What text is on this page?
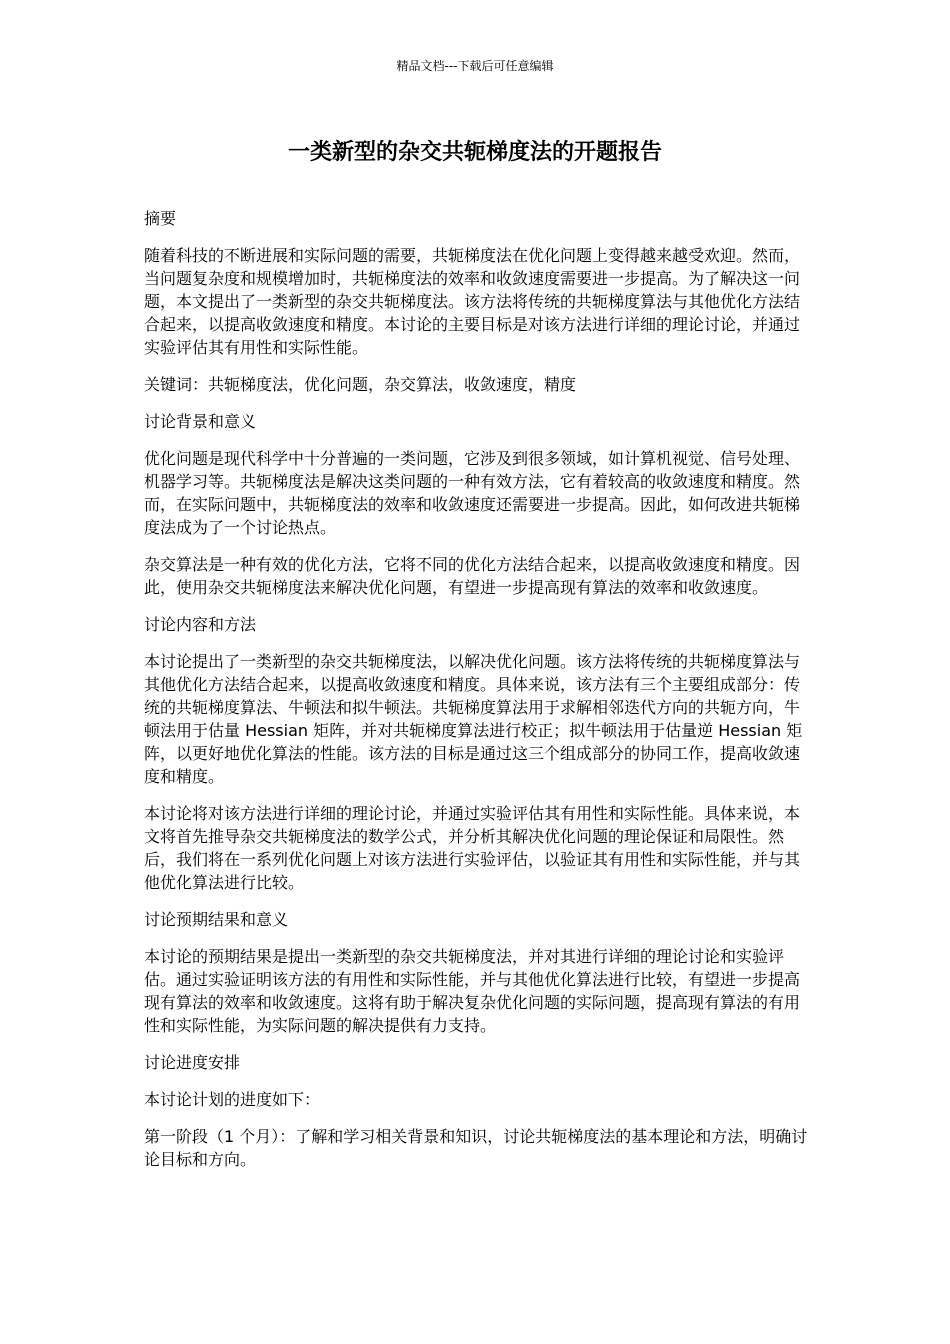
精品文档---下载后可任意编辑
一类新型的杂交共轭梯度法的开题报告

摘要

随着科技的不断进展和实际问题的需要，共轭梯度法在优化问题上变得越来越受欢迎。然而，当问题复杂度和规模增加时，共轭梯度法的效率和收敛速度需要进一步提高。为了解决这一问题，本文提出了一类新型的杂交共轭梯度法。该方法将传统的共轭梯度算法与其他优化方法结合起来，以提高收敛速度和精度。本讨论的主要目标是对该方法进行详细的理论讨论，并通过实验评估其有用性和实际性能。

关键词：共轭梯度法，优化问题，杂交算法，收敛速度，精度

讨论背景和意义

优化问题是现代科学中十分普遍的一类问题，它涉及到很多领域，如计算机视觉、信号处理、机器学习等。共轭梯度法是解决这类问题的一种有效方法，它有着较高的收敛速度和精度。然而，在实际问题中，共轭梯度法的效率和收敛速度还需要进一步提高。因此，如何改进共轭梯度法成为了一个讨论热点。

杂交算法是一种有效的优化方法，它将不同的优化方法结合起来，以提高收敛速度和精度。因此，使用杂交共轭梯度法来解决优化问题，有望进一步提高现有算法的效率和收敛速度。

讨论内容和方法

本讨论提出了一类新型的杂交共轭梯度法，以解决优化问题。该方法将传统的共轭梯度算法与其他优化方法结合起来，以提高收敛速度和精度。具体来说，该方法有三个主要组成部分：传统的共轭梯度算法、牛顿法和拟牛顿法。共轭梯度算法用于求解相邻迭代方向的共轭方向，牛顿法用于估量 Hessian 矩阵，并对共轭梯度算法进行校正；拟牛顿法用于估量逆 Hessian 矩阵，以更好地优化算法的性能。该方法的目标是通过这三个组成部分的协同工作，提高收敛速度和精度。

本讨论将对该方法进行详细的理论讨论，并通过实验评估其有用性和实际性能。具体来说，本文将首先推导杂交共轭梯度法的数学公式，并分析其解决优化问题的理论保证和局限性。然后，我们将在一系列优化问题上对该方法进行实验评估，以验证其有用性和实际性能，并与其他优化算法进行比较。

讨论预期结果和意义

本讨论的预期结果是提出一类新型的杂交共轭梯度法，并对其进行详细的理论讨论和实验评估。通过实验证明该方法的有用性和实际性能，并与其他优化算法进行比较，有望进一步提高现有算法的效率和收敛速度。这将有助于解决复杂优化问题的实际问题，提高现有算法的有用性和实际性能，为实际问题的解决提供有力支持。

讨论进度安排

本讨论计划的进度如下：

第一阶段（1 个月）：了解和学习相关背景和知识，讨论共轭梯度法的基本理论和方法，明确讨论目标和方向。
